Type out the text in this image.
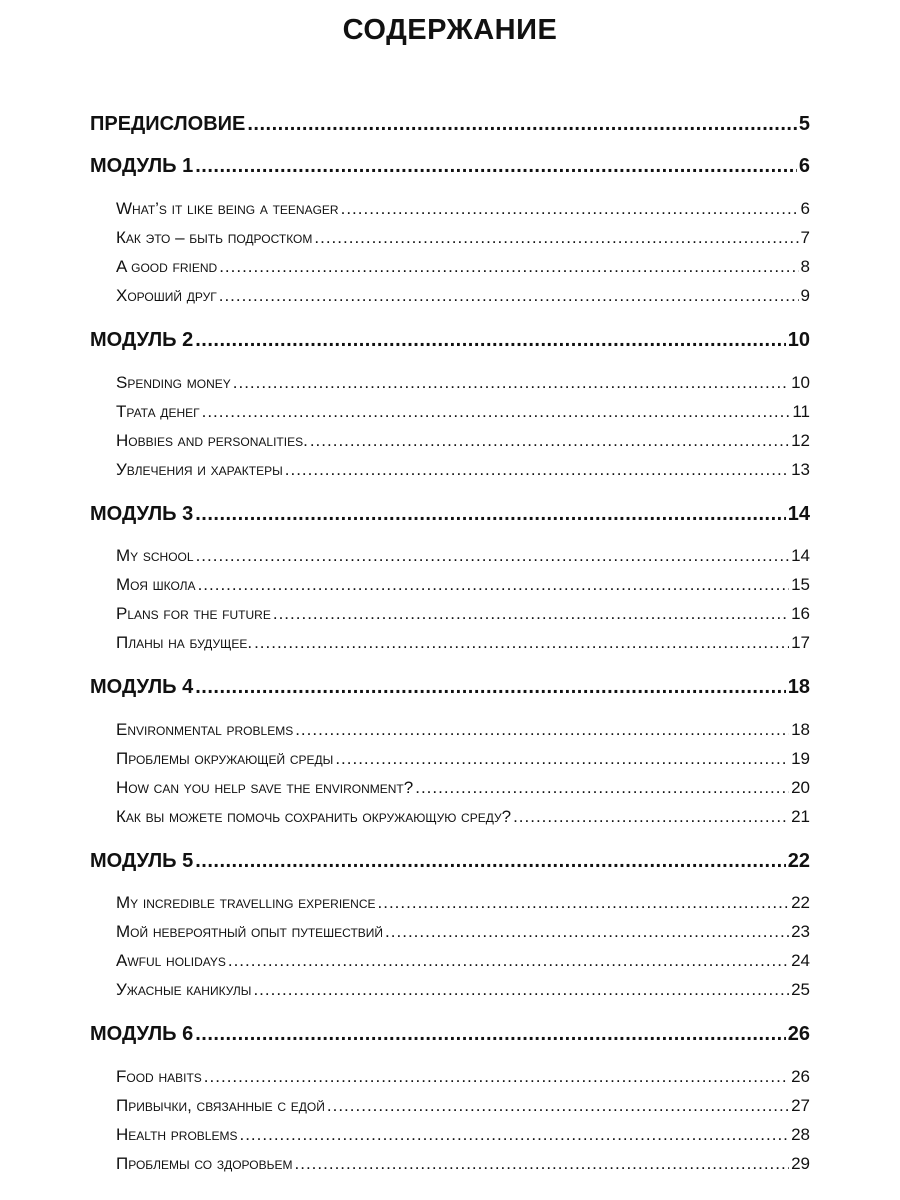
СОДЕРЖАНИЕ
ПРЕДИСЛОВИЕ .....	5
МОДУЛЬ 1 .....	6
What’s it like being a teenager .....	6
Как это – быть подростком .....	7
A good friend .....	8
Хороший друг .....	9
МОДУЛЬ 2 .....	10
Spending money .....	10
Трата денег .....	11
Hobbies and personalities. .....	12
Увлечения и характеры .....	13
МОДУЛЬ 3 .....	14
My school .....	14
Моя школа .....	15
Plans for the future .....	16
Планы на будущее. .....	17
МОДУЛЬ 4 .....	18
Environmental problems .....	18
Проблемы окружающей среды .....	19
How can you help save the environment? .....	20
Как вы можете помочь сохранить окружающую среду? .....	21
МОДУЛЬ 5 .....	22
My incredible travelling experience .....	22
Мой невероятный опыт путешествий .....	23
Awful holidays .....	24
Ужасные каникулы .....	25
МОДУЛЬ 6 .....	26
Food habits .....	26
Привычки, связанные с едой .....	27
Health problems .....	28
Проблемы со здоровьем .....	29
